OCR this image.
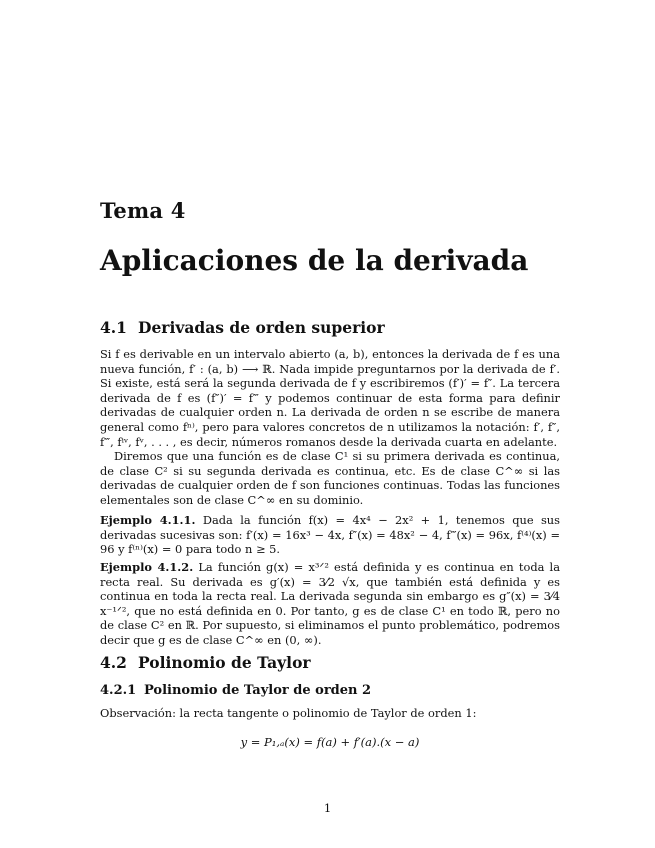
Tema 4
Aplicaciones de la derivada
4.1 Derivadas de orden superior
Si f es derivable en un intervalo abierto (a, b), entonces la derivada de f es una nueva función, f′ : (a, b) ⟶ ℝ. Nada impide preguntarnos por la derivada de f′. Si existe, está será la segunda derivada de f y escribiremos (f′)′ = f″. La tercera derivada de f es (f″)′ = f‴ y podemos continuar de esta forma para definir derivadas de cualquier orden n. La derivada de orden n se escribe de manera general como fⁿ⁾, pero para valores concretos de n utilizamos la notación: f′, f″, f‴, fⁱᵛ, fᵛ, . . . , es decir, números romanos desde la derivada cuarta en adelante.
Diremos que una función es de clase C¹ si su primera derivada es continua, de clase C² si su segunda derivada es continua, etc. Es de clase C^∞ si las derivadas de cualquier orden de f son funciones continuas. Todas las funciones elementales son de clase C^∞ en su dominio.
Ejemplo 4.1.1. Dada la función f(x) = 4x⁴ − 2x² + 1, tenemos que sus derivadas sucesivas son: f′(x) = 16x³ − 4x, f″(x) = 48x² − 4, f‴(x) = 96x, f⁽⁴⁾(x) = 96 y f⁽ⁿ⁾(x) = 0 para todo n ≥ 5.
Ejemplo 4.1.2. La función g(x) = x³ᐟ² está definida y es continua en toda la recta real. Su derivada es g′(x) = 3⁄2 √x, que también está definida y es continua en toda la recta real. La derivada segunda sin embargo es g″(x) = 3⁄4 x⁻¹ᐟ², que no está definida en 0. Por tanto, g es de clase C¹ en todo ℝ, pero no de clase C² en ℝ. Por supuesto, si eliminamos el punto problemático, podremos decir que g es de clase C^∞ en (0, ∞).
4.2 Polinomio de Taylor
4.2.1 Polinomio de Taylor de orden 2
Observación: la recta tangente o polinomio de Taylor de orden 1:
y = P₁,ₐ(x) = f(a) + f′(a).(x − a)
1
